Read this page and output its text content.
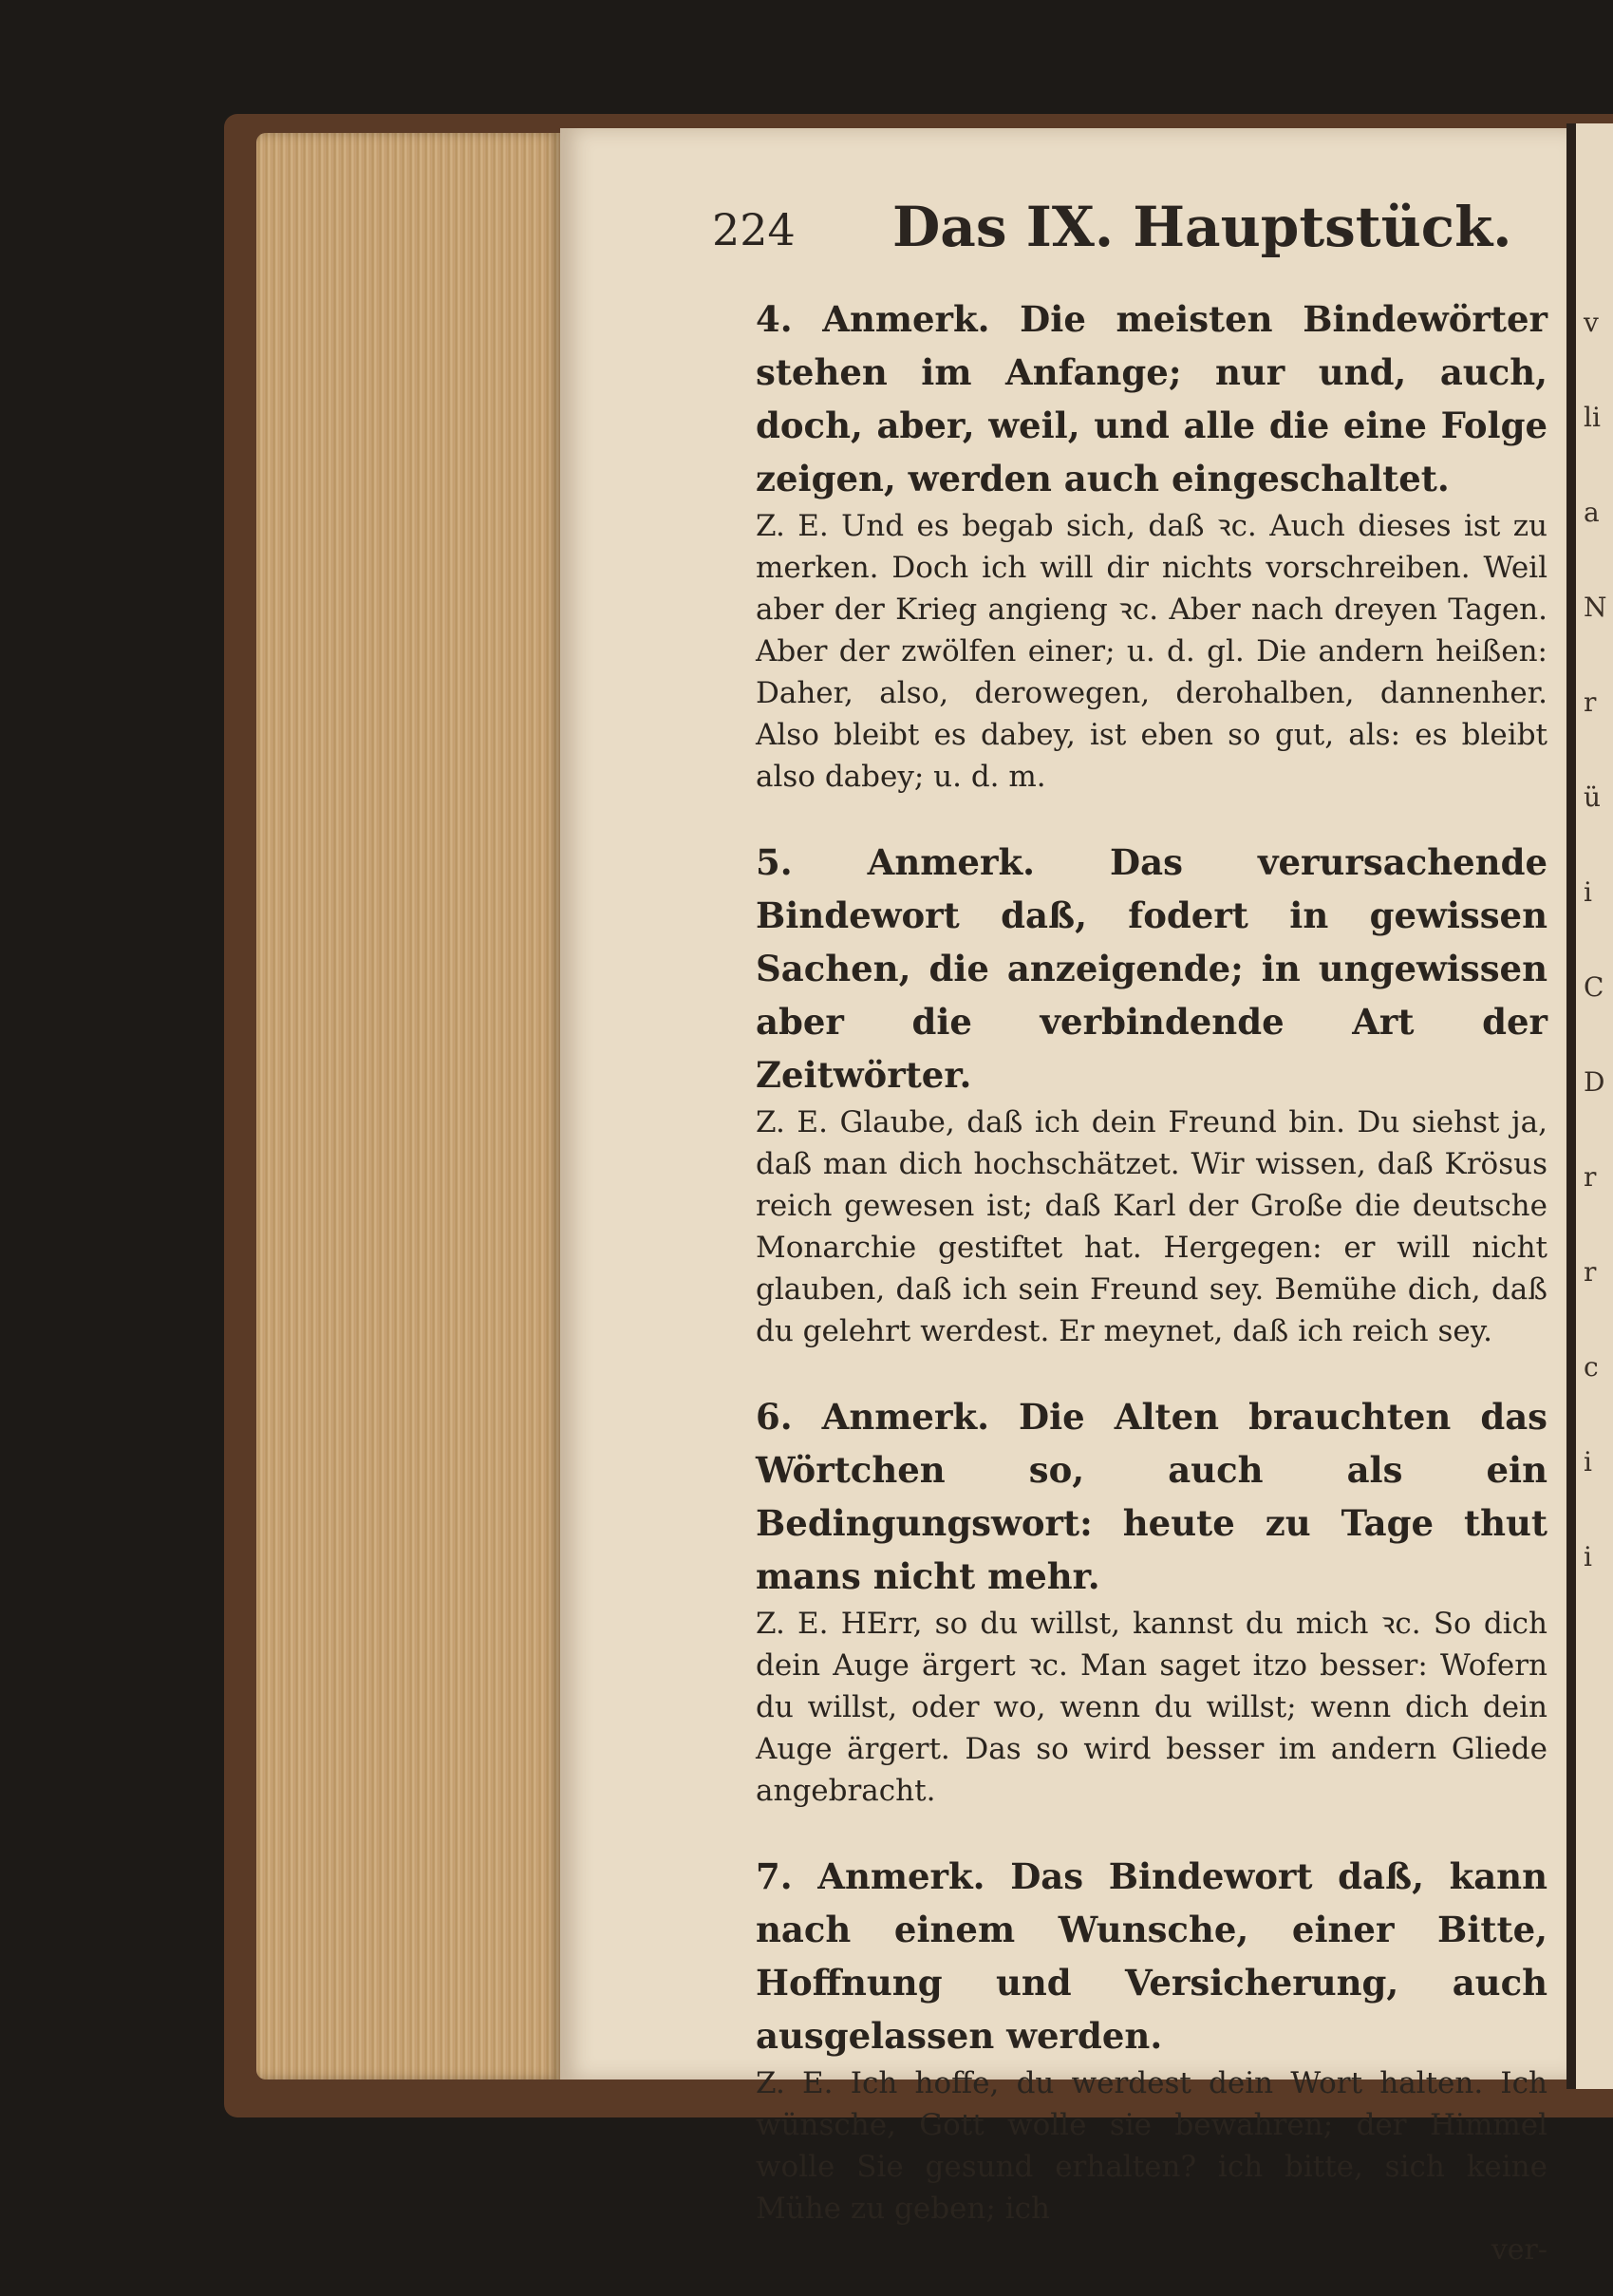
224 Das IX. Hauptstück.

4. Anmerk. Die meisten Bindewörter stehen im Anfange; nur und, auch, doch, aber, weil, und alle die eine Folge zeigen, werden auch eingeschaltet.

Z. E. Und es begab sich, daß ꝛc. Auch dieses ist zu merken. Doch ich will dir nichts vorschreiben. Weil aber der Krieg angieng ꝛc. Aber nach dreyen Tagen. Aber der zwölfen einer; u. d. gl. Die andern heißen: Daher, also, derowegen, derohalben, dannenher. Also bleibt es dabey, ist eben so gut, als: es bleibt also dabey; u. d. m.

5. Anmerk. Das verursachende Bindewort daß, fodert in gewissen Sachen, die anzeigende; in ungewissen aber die verbindende Art der Zeitwörter.

Z. E. Glaube, daß ich dein Freund bin. Du siehst ja, daß man dich hochschätzet. Wir wissen, daß Krösus reich gewesen ist; daß Karl der Große die deutsche Monarchie gestiftet hat. Hergegen: er will nicht glauben, daß ich sein Freund sey. Bemühe dich, daß du gelehrt werdest. Er meynet, daß ich reich sey.

6. Anmerk. Die Alten brauchten das Wörtchen so, auch als ein Bedingungswort: heute zu Tage thut mans nicht mehr.

Z. E. HErr, so du willst, kannst du mich ꝛc. So dich dein Auge ärgert ꝛc. Man saget itzo besser: Wofern du willst, oder wo, wenn du willst; wenn dich dein Auge ärgert. Das so wird besser im andern Gliede angebracht.

7. Anmerk. Das Bindewort daß, kann nach einem Wunsche, einer Bitte, Hoffnung und Versicherung, auch ausgelassen werden.

Z. E. Ich hoffe, du werdest dein Wort halten. Ich wünsche, Gott wolle sie bewahren; der Himmel wolle Sie gesund erhalten? ich bitte, sich keine Mühe zu geben; ich

ver-
v
li
a
N
r
ü
i
C
D
r
r
c
i
i
